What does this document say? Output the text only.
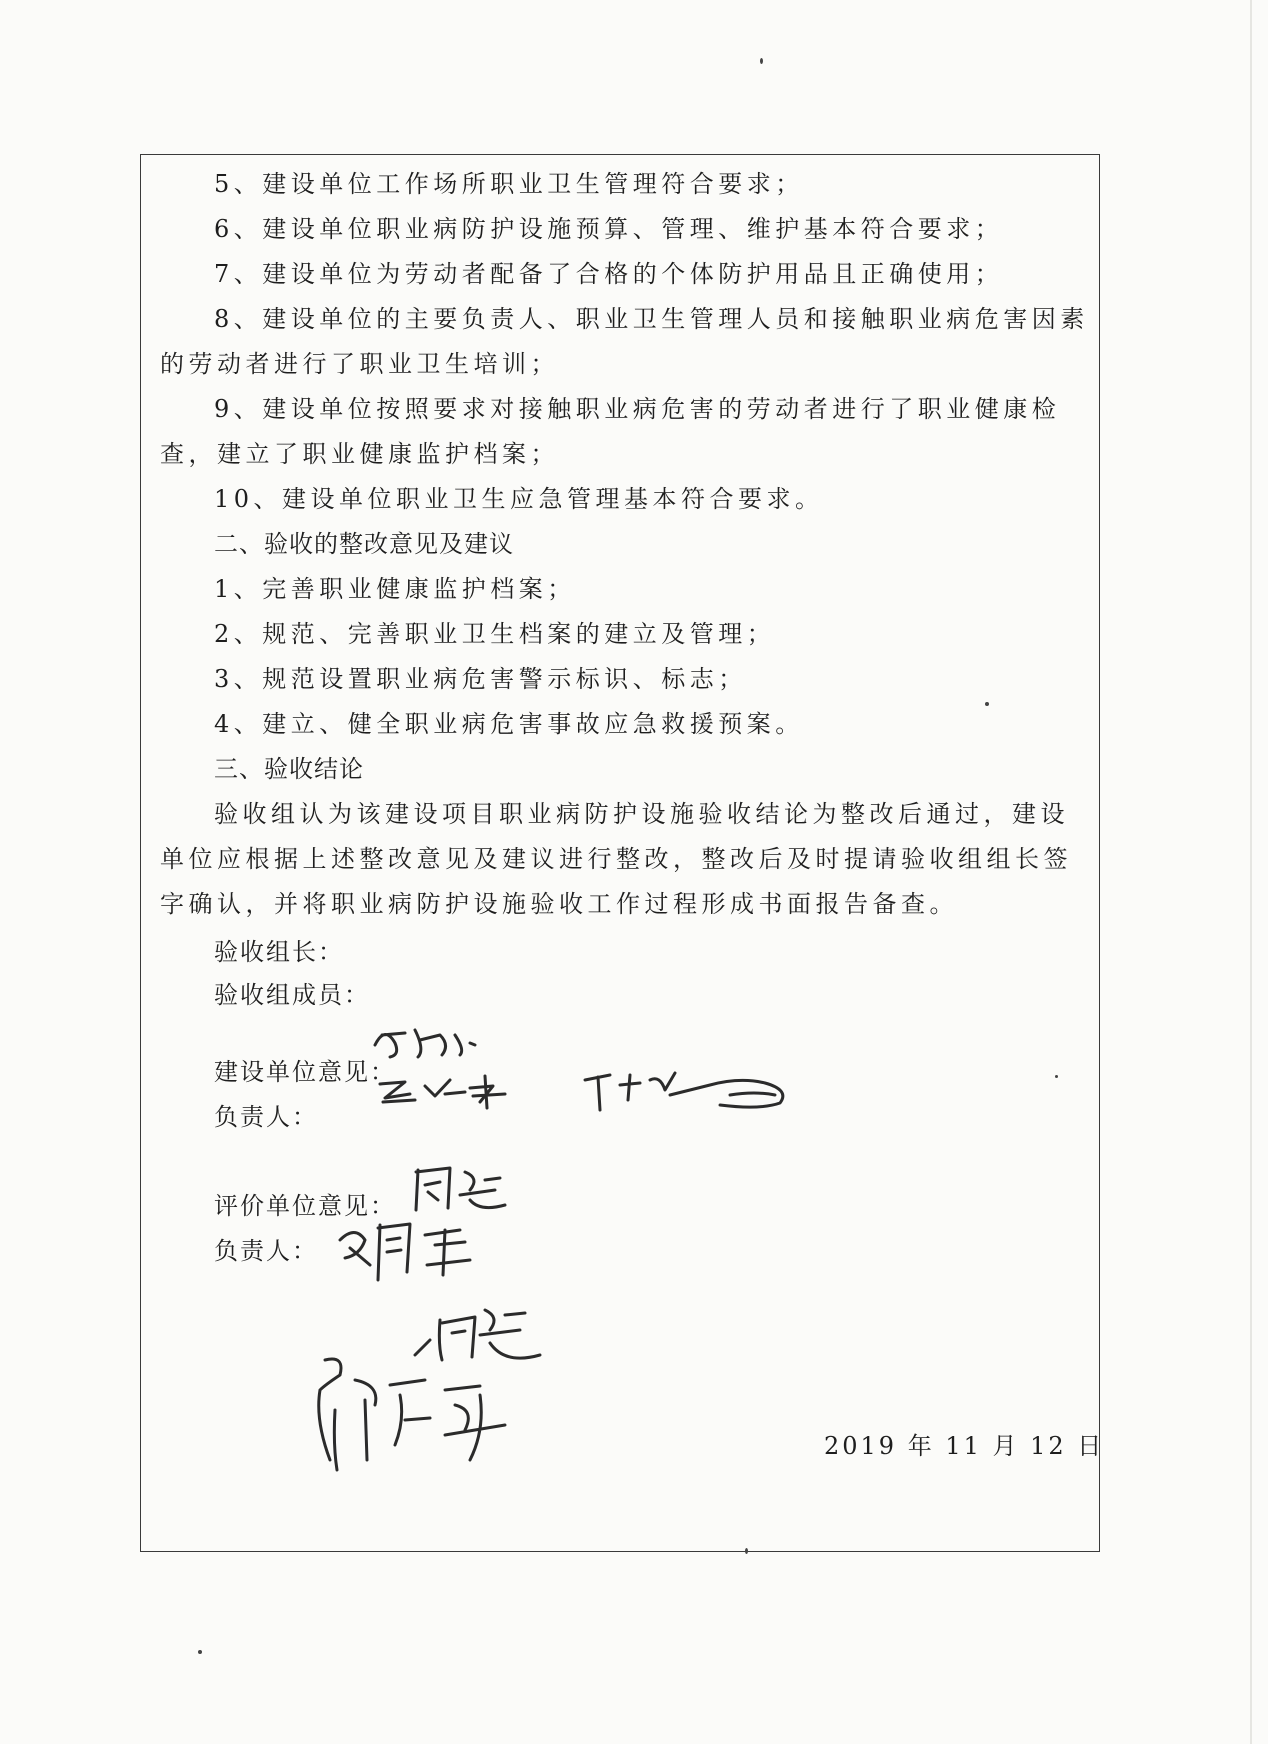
5、建设单位工作场所职业卫生管理符合要求；
6、建设单位职业病防护设施预算、管理、维护基本符合要求；
7、建设单位为劳动者配备了合格的个体防护用品且正确使用；
8、建设单位的主要负责人、职业卫生管理人员和接触职业病危害因素
的劳动者进行了职业卫生培训；
9、建设单位按照要求对接触职业病危害的劳动者进行了职业健康检
查，建立了职业健康监护档案；
10、建设单位职业卫生应急管理基本符合要求。
二、验收的整改意见及建议
1、完善职业健康监护档案；
2、规范、完善职业卫生档案的建立及管理；
3、规范设置职业病危害警示标识、标志；
4、建立、健全职业病危害事故应急救援预案。
三、验收结论
验收组认为该建设项目职业病防护设施验收结论为整改后通过，建设
单位应根据上述整改意见及建议进行整改，整改后及时提请验收组组长签
字确认，并将职业病防护设施验收工作过程形成书面报告备查。
验收组长：
验收组成员：
建设单位意见：
负责人：
评价单位意见：
负责人：
2019 年 11 月 12 日
